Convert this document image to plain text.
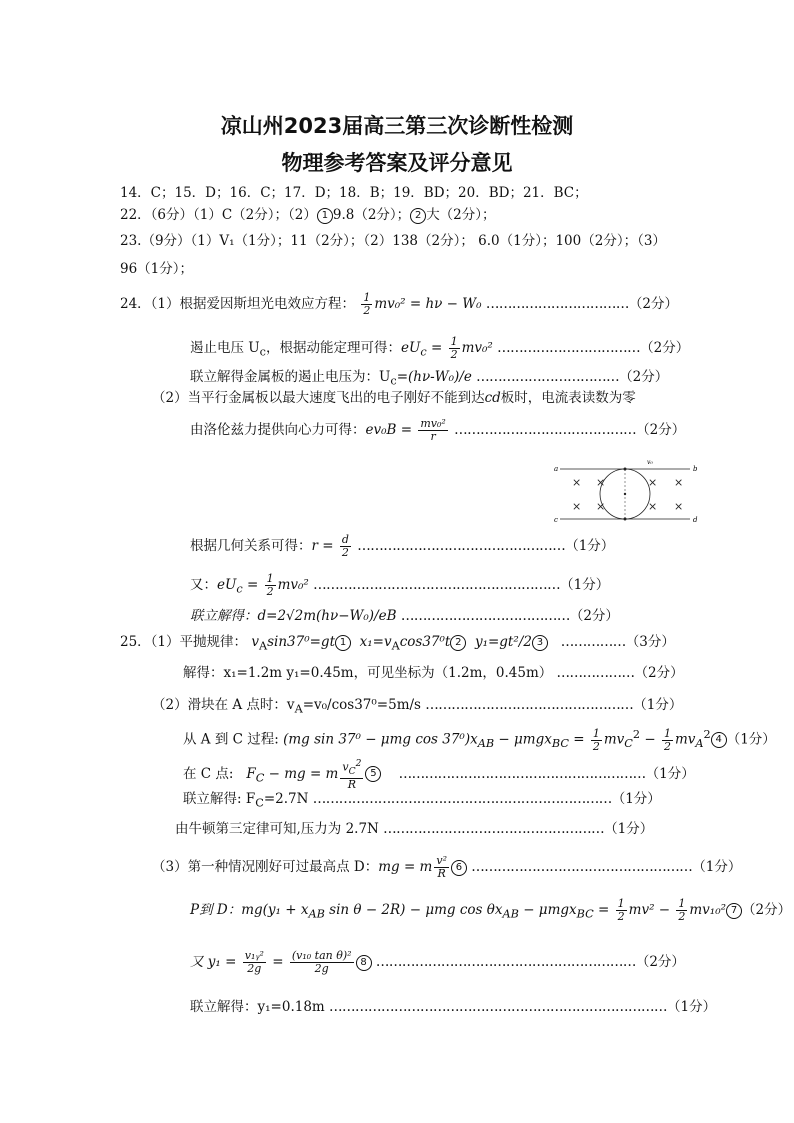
凉山州2023届高三第三次诊断性检测
物理参考答案及评分意见
14．C；15．D；16．C；17．D；18．B；19．BD；20．BD；21．BC；
22．（6分）（1）C（2分）；（2） 1 9.8（2分）； 2 大（2分）；
23.（9分）（1）V₁（1分）；11（2分）；（2）138（2分）； 6.0（1分）；100（2分）；（3）
96（1分）；
24．（1）根据爱因斯坦光电效应方程： $\frac{1}{2} mv_0^2 = h\nu - W_0$ ……………………………（2分）
遏止电压 $U_c$，根据动能定理可得：$eU_c = \frac{1}{2} mv_0^2$ ……………………………（2分）
联立解得金属板的遏止电压为：$U_c=(h\nu-W_0)/e$ ……………………………（2分）
（2）当平行金属板以最大速度飞出的电子刚好不能到达cd板时，电流表读数为零
由洛伦兹力提供向心力可得：$ev_0B = \frac{\text{mv₀²}}{r}$ ……………………………………（2分）
a	b
c	d
v₀
× ×	× ×
× ×	× ×
根据几何关系可得：$r = \frac{d}{2}$ …………………………………………（1分）
又：$eU_c = \frac{1}{2} mv_0^2$ …………………………………………………（1分）
联立解得：d=2√2m(hν−W₀)/eB …………………………………（2分）
25．（1）平抛规律： $v_A\sin 37^0=gt$ 1 $x_1=v_A\cos 37^0t$ 2 y₁=gt²/2 3 ……………（3分）
解得：x₁=1.2m y₁=0.45m，可见坐标为（1.2m，0.45m） ………………（2分）
（2）滑块在 A 点时：$v_A=v_0/\cos 37^0=5m/s$ …………………………………………（1分）
从 A 到 C 过程: (mg sin 37⁰ − μmg $\cos 37^0)x_{AB} - \mu mgx_{BC} = \frac{1}{2} mv_C^2 - \frac{1}{2} mv_A^2$ 4 （1分）
在 C 点: $F_C$ − mg = m $\frac{v_C^2}{R} 5$ …………………………………………………（1分）
联立解得: $F_C=2.7N$ ……………………………………………………………（1分）
由牛顿第三定律可知,压力为 2.7N ……………………………………………（1分）
（3）第一种情况刚好可过最高点 D：mg = m $\frac{\text{v²}}{R} 6$ ……………………………………………（1分）
P到 D：$mg(y_1 + x_{AB}$ sin θ − 2R) − μmg $\cos \theta x_{AB} - \mu mgx_{BC} = \frac{1}{2} mv^2 - \frac{1}{2} mv_{10}^2$ 7 （2分）
又 $y_1 = \frac{\text{v₁ᵧ²}}{2g} = \frac{\text{(v₁₀ tan θ)²}}{2g} 8$ ……………………………………………………（2分）
联立解得：y₁=0.18m ……………………………………………………………………（1分）
